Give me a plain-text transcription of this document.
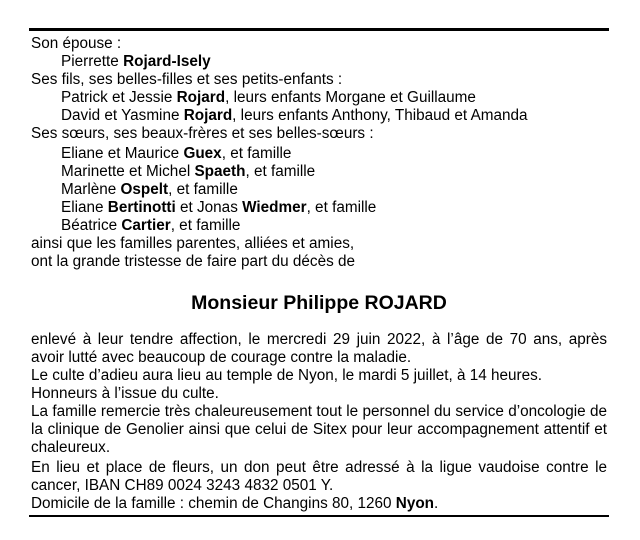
Son épouse :
Pierrette Rojard-Isely
Ses fils, ses belles-filles et ses petits-enfants :
Patrick et Jessie Rojard, leurs enfants Morgane et Guillaume
David et Yasmine Rojard, leurs enfants Anthony, Thibaud et Amanda
Ses sœurs, ses beaux-frères et ses belles-sœurs :
Eliane et Maurice Guex, et famille
Marinette et Michel Spaeth, et famille
Marlène Ospelt, et famille
Eliane Bertinotti et Jonas Wiedmer, et famille
Béatrice Cartier, et famille
ainsi que les familles parentes, alliées et amies,
ont la grande tristesse de faire part du décès de
Monsieur Philippe ROJARD
enlevé à leur tendre affection, le mercredi 29 juin 2022, à l’âge de 70 ans, après avoir lutté avec beaucoup de courage contre la maladie.
Le culte d’adieu aura lieu au temple de Nyon, le mardi 5 juillet, à 14 heures.
Honneurs à l’issue du culte.
La famille remercie très chaleureusement tout le personnel du service d’oncologie de la clinique de Genolier ainsi que celui de Sitex pour leur accompagnement attentif et chaleureux.
En lieu et place de fleurs, un don peut être adressé à la ligue vaudoise contre le cancer, IBAN CH89 0024 3243 4832 0501 Y.
Domicile de la famille : chemin de Changins 80, 1260 Nyon.
